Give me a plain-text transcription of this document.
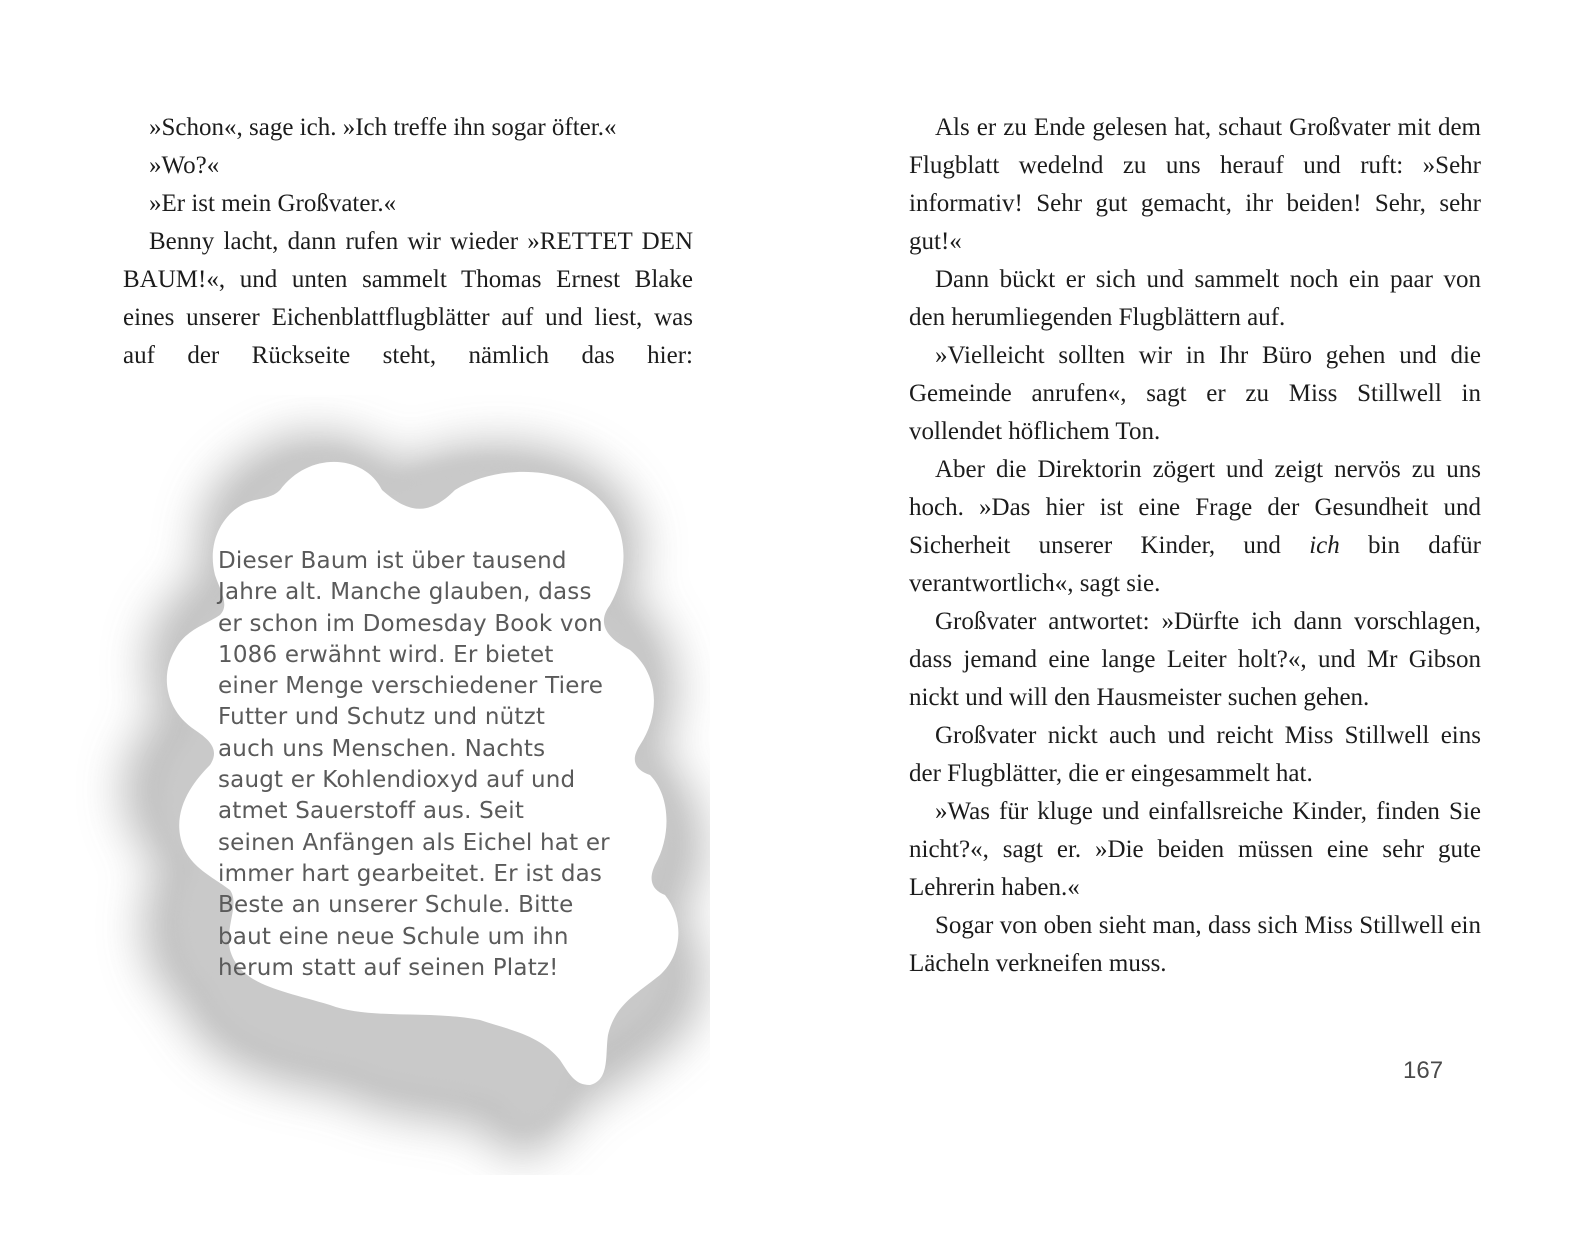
»Schon«, sage ich. »Ich treffe ihn sogar öfter.«

»Wo?«

»Er ist mein Großvater.«

Benny lacht, dann rufen wir wieder »RETTET DEN BAUM!«, und unten sammelt Thomas Ernest Blake eines unserer Eichenblattflugblätter auf und liest, was auf der Rückseite steht, nämlich das hier:

Dieser Baum ist über tausend
Jahre alt. Manche glauben, dass
er schon im Domesday Book von
1086 erwähnt wird. Er bietet
einer Menge verschiedener Tiere
Futter und Schutz und nützt
auch uns Menschen. Nachts
saugt er Kohlendioxyd auf und
atmet Sauerstoff aus. Seit
seinen Anfängen als Eichel hat er
immer hart gearbeitet. Er ist das
Beste an unserer Schule. Bitte
baut eine neue Schule um ihn
herum statt auf seinen Platz!

Als er zu Ende gelesen hat, schaut Großvater mit dem Flugblatt wedelnd zu uns herauf und ruft: »Sehr informativ! Sehr gut gemacht, ihr beiden! Sehr, sehr gut!«

Dann bückt er sich und sammelt noch ein paar von den herumliegenden Flugblättern auf.

»Vielleicht sollten wir in Ihr Büro gehen und die Gemeinde anrufen«, sagt er zu Miss Stillwell in vollendet höflichem Ton.

Aber die Direktorin zögert und zeigt nervös zu uns hoch. »Das hier ist eine Frage der Gesundheit und Sicherheit unserer Kinder, und ich bin dafür verantwortlich«, sagt sie.

Großvater antwortet: »Dürfte ich dann vorschlagen, dass jemand eine lange Leiter holt?«, und Mr Gibson nickt und will den Hausmeister suchen gehen.

Großvater nickt auch und reicht Miss Stillwell eins der Flugblätter, die er eingesammelt hat.

»Was für kluge und einfallsreiche Kinder, finden Sie nicht?«, sagt er. »Die beiden müssen eine sehr gute Lehrerin haben.«

Sogar von oben sieht man, dass sich Miss Stillwell ein Lächeln verkneifen muss.

167
